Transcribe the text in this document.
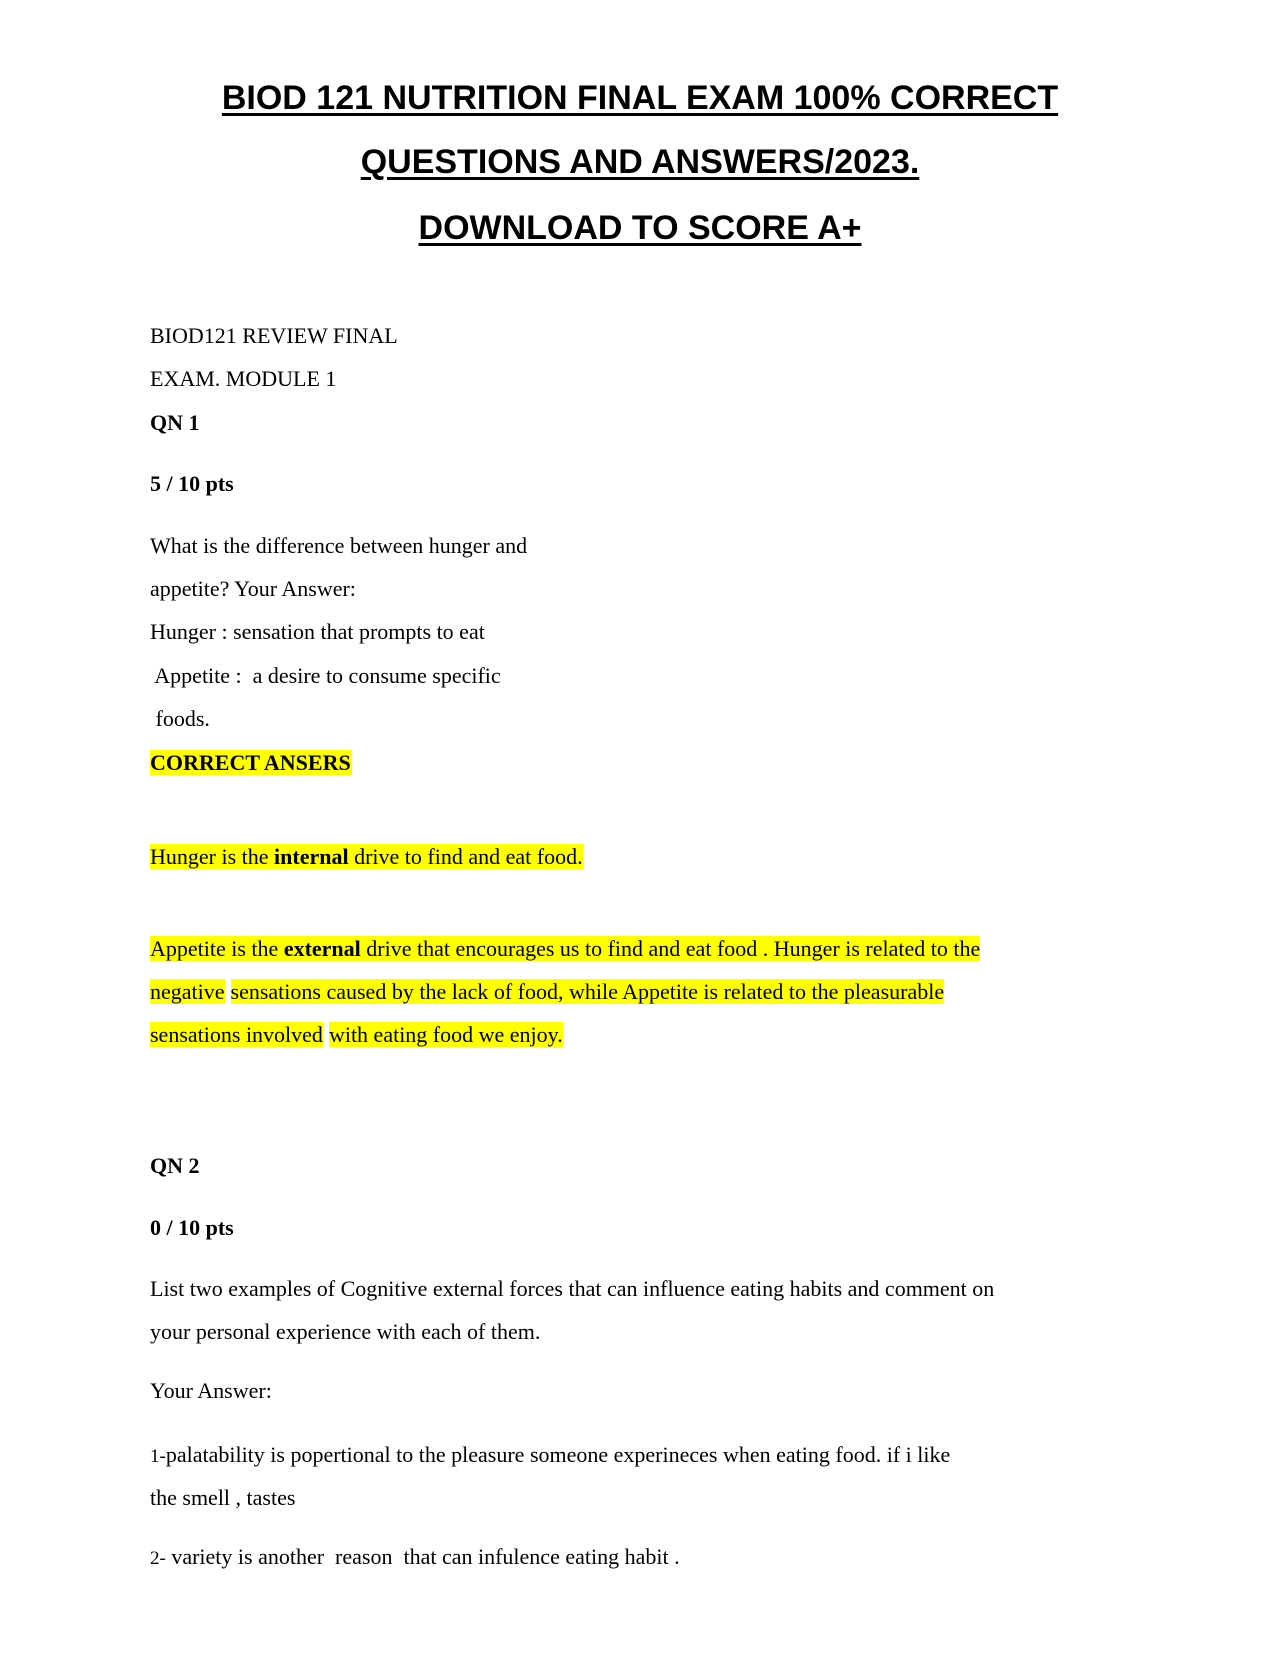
BIOD 121 NUTRITION FINAL EXAM 100% CORRECT
QUESTIONS AND ANSWERS/2023.
DOWNLOAD TO SCORE A+

BIOD121 REVIEW FINAL

EXAM. MODULE 1

QN 1

5 / 10 pts

What is the difference between hunger and

appetite? Your Answer:

Hunger : sensation that prompts to eat

Appetite :  a desire to consume specific

foods.

CORRECT ANSERS

Hunger is the internal drive to find and eat food.

Appetite is the external drive that encourages us to find and eat food . Hunger is related to the

negative sensations caused by the lack of food, while Appetite is related to the pleasurable

sensations involved with eating food we enjoy.

QN 2

0 / 10 pts

List two examples of Cognitive external forces that can influence eating habits and comment on

your personal experience with each of them.

Your Answer:

1-palatability is popertional to the pleasure someone experineces when eating food. if i like

the smell , tastes

2- variety is another  reason  that can infulence eating habit .
